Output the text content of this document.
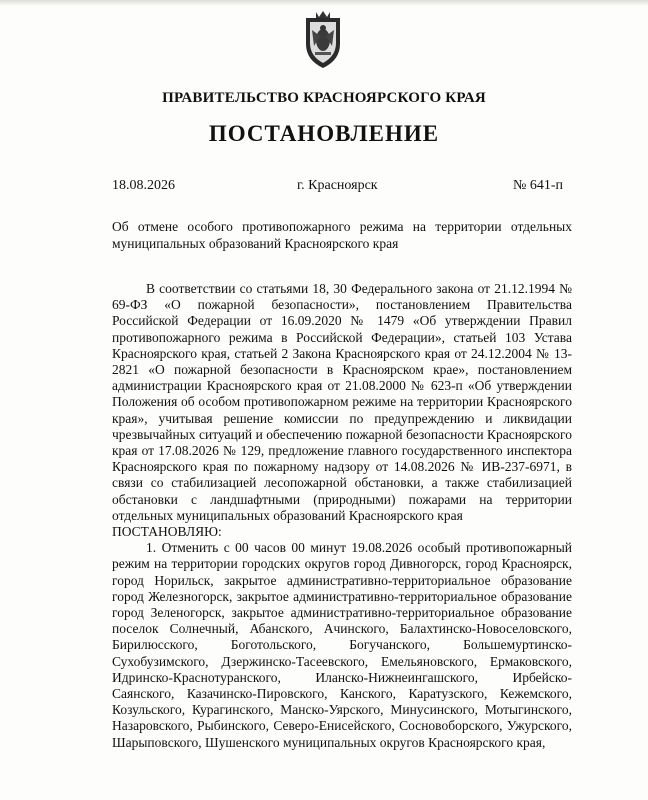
ПРАВИТЕЛЬСТВО КРАСНОЯРСКОГО КРАЯ
ПОСТАНОВЛЕНИЕ
18.08.2026	г. Красноярск	№ 641-п
Об отмене особого противопожарного режима на территории отдельных муниципальных образований Красноярского края

В соответствии со статьями 18, 30 Федерального закона от 21.12.1994 № 69-ФЗ «О пожарной безопасности», постановлением Правительства Российской Федерации от 16.09.2020 № 1479 «Об утверждении Правил противопожарного режима в Российской Федерации», статьей 103 Устава Красноярского края, статьей 2 Закона Красноярского края от 24.12.2004 № 13-2821 «О пожарной безопасности в Красноярском крае», постановлением администрации Красноярского края от 21.08.2000 № 623-п «Об утверждении Положения об особом противопожарном режиме на территории Красноярского края», учитывая решение комиссии по предупреждению и ликвидации чрезвычайных ситуаций и обеспечению пожарной безопасности Красноярского края от 17.08.2026 № 129, предложение главного государственного инспектора Красноярского края по пожарному надзору от 14.08.2026 № ИВ-237-6971, в связи со стабилизацией лесопожарной обстановки, а также стабилизацией обстановки с ландшафтными (природными) пожарами на территории отдельных муниципальных образований Красноярского края

ПОСТАНОВЛЯЮ:

1. Отменить с 00 часов 00 минут 19.08.2026 особый противопожарный режим на территории городских округов город Дивногорск, город Красноярск, город Норильск, закрытое административно-территориальное образование город Железногорск, закрытое административно-территориальное образование город Зеленогорск, закрытое административно-территориальное образование поселок Солнечный, Абанского, Ачинского, Балахтинско-Новоселовского, Бирилюсского, Боготольского, Богучанского, Большемуртинско-Сухобузимского, Дзержинско-Тасеевского, Емельяновского, Ермаковского, Идринско-Краснотуранского, Иланско-Нижнеингашского, Ирбейско-Саянского, Казачинско-Пировского, Канского, Каратузского, Кежемского, Козульского, Курагинского, Манско-Уярского, Минусинского, Мотыгинского, Назаровского, Рыбинского, Северо-Енисейского, Сосновоборского, Ужурского, Шарыповского, Шушенского муниципальных округов Красноярского края,
